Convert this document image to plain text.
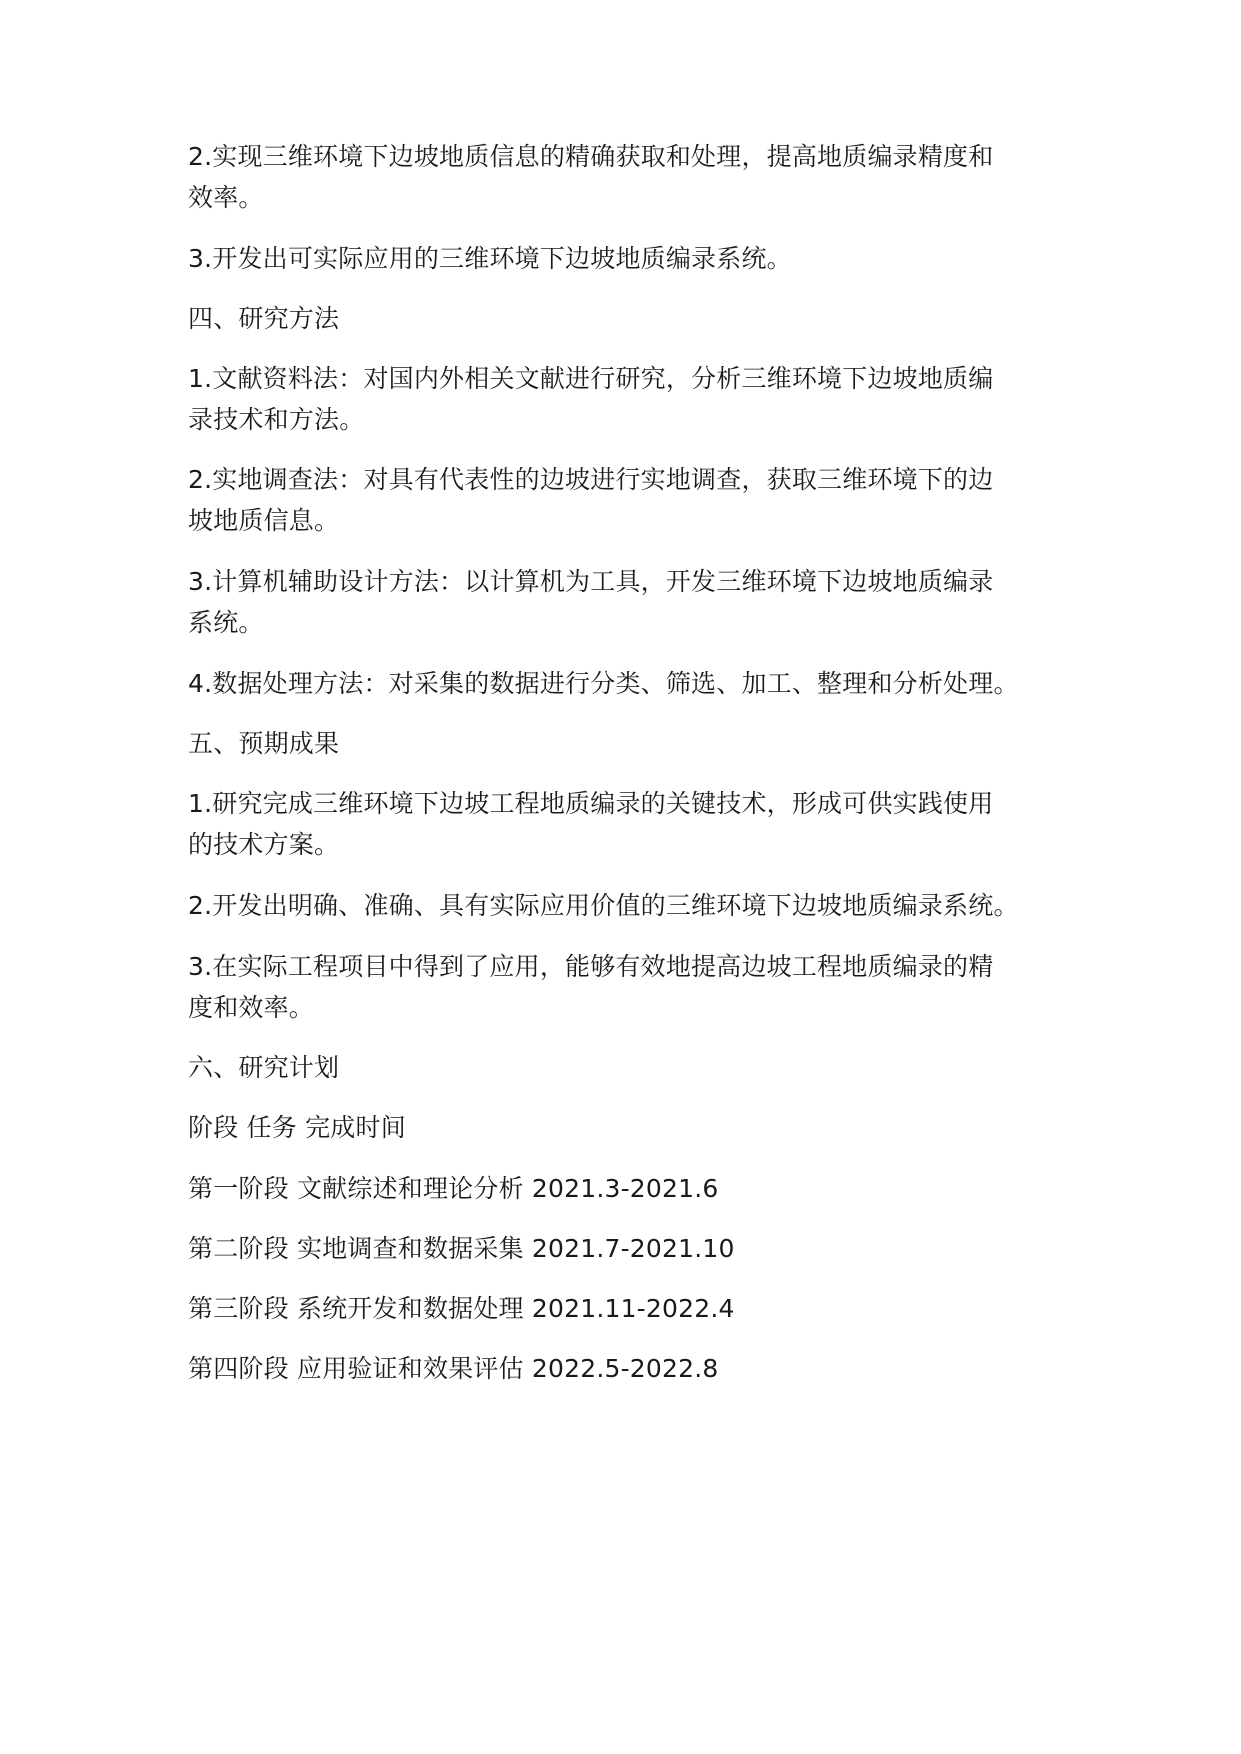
2.实现三维环境下边坡地质信息的精确获取和处理，提高地质编录精度和
效率。
3.开发出可实际应用的三维环境下边坡地质编录系统。
四、研究方法
1.文献资料法：对国内外相关文献进行研究，分析三维环境下边坡地质编
录技术和方法。
2.实地调查法：对具有代表性的边坡进行实地调查，获取三维环境下的边
坡地质信息。
3.计算机辅助设计方法：以计算机为工具，开发三维环境下边坡地质编录
系统。
4.数据处理方法：对采集的数据进行分类、筛选、加工、整理和分析处理。
五、预期成果
1.研究完成三维环境下边坡工程地质编录的关键技术，形成可供实践使用
的技术方案。
2.开发出明确、准确、具有实际应用价值的三维环境下边坡地质编录系统。
3.在实际工程项目中得到了应用，能够有效地提高边坡工程地质编录的精
度和效率。
六、研究计划
阶段 任务 完成时间
第一阶段 文献综述和理论分析 2021.3-2021.6
第二阶段 实地调查和数据采集 2021.7-2021.10
第三阶段 系统开发和数据处理 2021.11-2022.4
第四阶段 应用验证和效果评估 2022.5-2022.8
